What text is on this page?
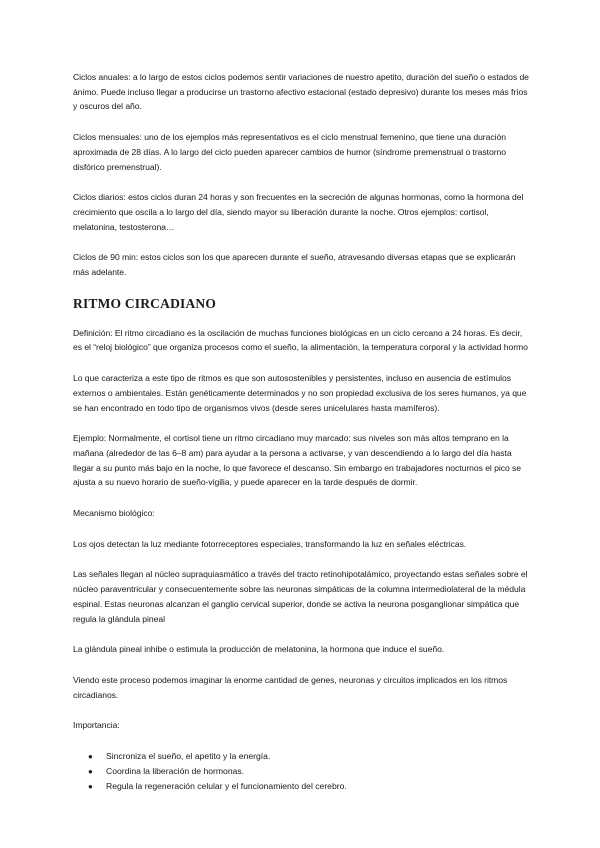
Ciclos anuales: a lo largo de estos ciclos podemos sentir variaciones de nuestro apetito, duración del sueño o estados de ánimo. Puede incluso llegar a producirse un trastorno afectivo estacional (estado depresivo) durante los meses más fríos y oscuros del año.

Ciclos mensuales: uno de los ejemplos más representativos es el ciclo menstrual femenino, que tiene una duración aproximada de 28 días. A lo largo del ciclo pueden aparecer cambios de humor (síndrome premenstrual o trastorno disfórico premenstrual).

Ciclos diarios: estos ciclos duran 24 horas y son frecuentes en la secreción de algunas hormonas, como la hormona del crecimiento que oscila a lo largo del día, siendo mayor su liberación durante la noche. Otros ejemplos: cortisol, melatonina, testosterona…

Ciclos de 90 min: estos ciclos son los que aparecen durante el sueño, atravesando diversas etapas que se explicarán más adelante.

RITMO CIRCADIANO

Definición: El ritmo circadiano es la oscilación de muchas funciones biológicas en un ciclo cercano a 24 horas. Es decir, es el “reloj biológico” que organiza procesos como el sueño, la alimentación, la temperatura corporal y la actividad hormo

Lo que caracteriza a este tipo de ritmos es que son autosostenibles y persistentes, incluso en ausencia de estímulos externos o ambientales. Están genéticamente determinados y no son propiedad exclusiva de los seres humanos, ya que se han encontrado en todo tipo de organismos vivos (desde seres unicelulares hasta mamíferos).

Ejemplo: Normalmente, el cortisol tiene un ritmo circadiano muy marcado: sus niveles son más altos temprano en la mañana (alrededor de las 6–8 am) para ayudar a la persona a activarse, y van descendiendo a lo largo del día hasta llegar a su punto más bajo en la noche, lo que favorece el descanso. Sin embargo en trabajadores nocturnos el pico se ajusta a su nuevo horario de sueño-vigilia, y puede aparecer en la tarde después de dormir.

Mecanismo biológico:

Los ojos detectan la luz mediante fotorreceptores especiales, transformando la luz en señales eléctricas.

Las señales llegan al núcleo supraquiasmático a través del tracto retinohipotalámico, proyectando estas señales sobre el núcleo paraventricular y consecuentemente sobre las neuronas simpáticas de la columna intermediolateral de la médula espinal. Estas neuronas alcanzan el ganglio cervical superior, donde se activa la neurona posganglionar simpática que regula la glándula pineal

La glándula pineal inhibe o estimula la producción de melatonina, la hormona que induce el sueño.

Viendo este proceso podemos imaginar la enorme cantidad de genes, neuronas y circuitos implicados en los ritmos circadianos.

Importancia:

● Sincroniza el sueño, el apetito y la energía.
● Coordina la liberación de hormonas.
● Regula la regeneración celular y el funcionamiento del cerebro.
